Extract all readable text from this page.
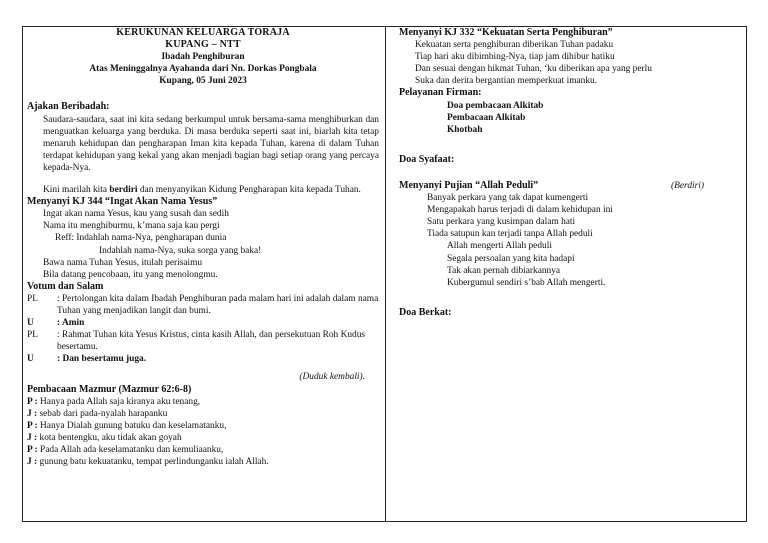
KERUKUNAN KELUARGA TORAJA
KUPANG – NTT
Ibadah Penghiburan
Atas Meninggalnya Ayahanda dari Nn. Dorkas Pongbala
Kupang, 05 Juni 2023
Ajakan Beribadah:
Saudara-saudara, saat ini kita sedang berkumpul untuk bersama-sama menghiburkan dan menguatkan keluarga yang berduka. Di masa berduka seperti saat ini, biarlah kita tetap menaruh kehidupan dan pengharapan Iman kita kepada Tuhan, karena di dalam Tuhan terdapat kehidupan yang kekal yang akan menjadi bagian bagi setiap orang yang percaya kepada-Nya.
Kini marilah kita berdiri dan menyanyikan Kidung Pengharapan kita kepada Tuhan.
Menyanyi KJ 344 “Ingat Akan Nama Yesus”
Ingat akan nama Yesus, kau yang susah dan sedih
Nama itu menghiburmu, k’mana saja kau pergi
Reff: Indahlah nama-Nya, pengharapan dunia
Indahlah nama-Nya, suka sorga yang baka!
Bawa nama Tuhan Yesus, itulah perisaimu
Bila datang pencobaan, itu yang menolongmu.
Votum dan Salam
PL	: Pertolongan kita dalam Ibadah Penghiburan pada malam hari ini adalah dalam nama Tuhan yang menjadikan langit dan bumi.
U	: Amin
PL	: Rahmat Tuhan kita Yesus Kristus, cinta kasih Allah, dan persekutuan Roh Kudus besertamu.
U	: Dan besertamu juga.
(Duduk kembali).
Pembacaan Mazmur (Mazmur 62:6-8)
P : Hanya pada Allah saja kiranya aku tenang,
J : sebab dari pada-nyalah harapanku
P : Hanya Dialah gunung batuku dan keselamatanku,
J : kota bentengku, aku tidak akan goyah
P : Pada Allah ada keselamatanku dan kemuliaanku,
J : gunung batu kekuatanku, tempat perlindunganku ialah Allah.
Menyanyi KJ 332 “Kekuatan Serta Penghiburan”
Kekuatan serta penghiburan diberikan Tuhan padaku
Tiap hari aku dibimbing-Nya, tiap jam dihibur hatiku
Dan sesuai dengan hikmat Tuhan, ‘ku diberikan apa yang perlu
Suka dan derita bergantian memperkuat imanku.
Pelayanan Firman:
Doa pembacaan Alkitab
Pembacaan Alkitab
Khotbah
Doa Syafaat:
Menyanyi Pujian “Allah Peduli”	(Berdiri)
Banyak perkara yang tak dapat kumengerti
Mengapakah harus terjadi di dalam kehidupan ini
Satu perkara yang kusimpan dalam hati
Tiada satupun kan terjadi tanpa Allah peduli
Allah mengerti Allah peduli
Segala persoalan yang kita hadapi
Tak akan pernah dibiarkannya
Kubergumul sendiri s’bab Allah mengerti.
Doa Berkat:
